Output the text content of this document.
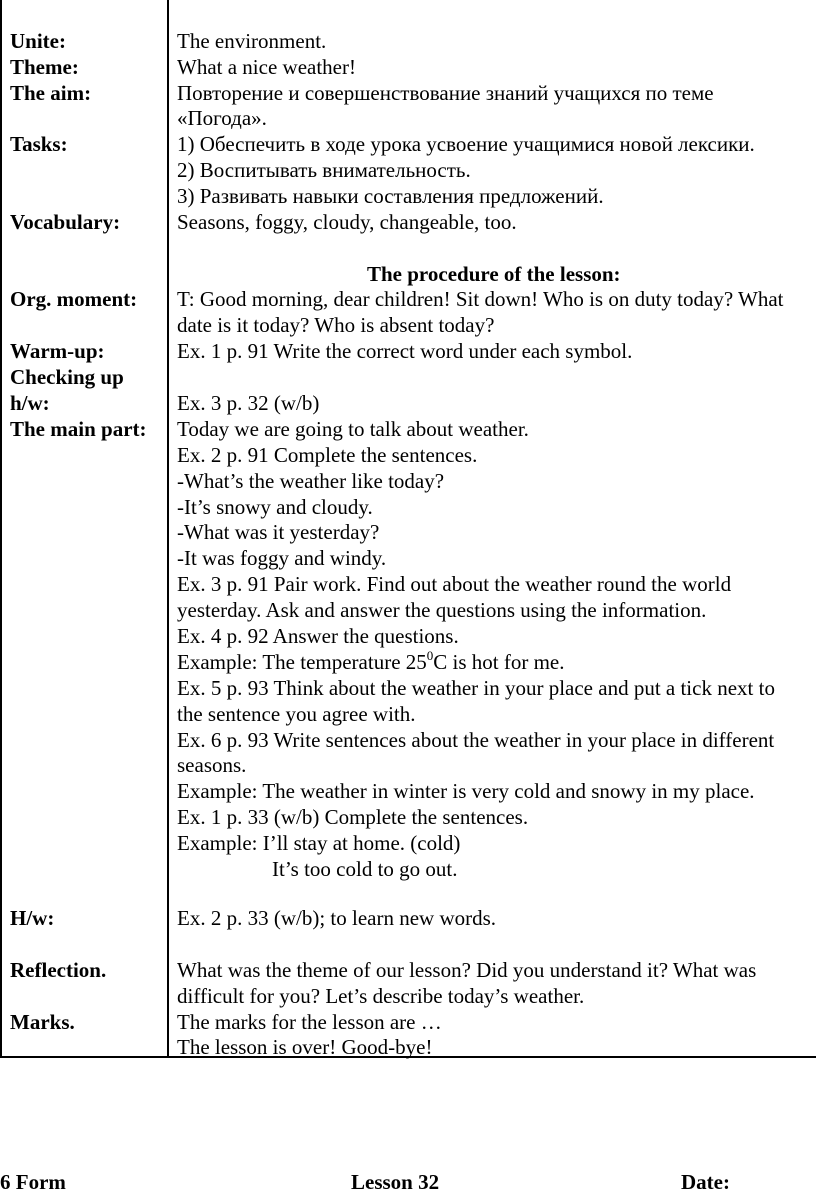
Unite:
Theme:
The aim:
Tasks:
Vocabulary:
Org. moment:
Warm-up:
Checking up
h/w:
The main part:
H/w:
Reflection.
Marks.
The environment.
What a nice weather!
Повторение и совершенствование знаний учащихся по теме
«Погода».
1) Обеспечить в ходе урока усвоение учащимися новой лексики.
2) Воспитывать внимательность.
3) Развивать навыки составления предложений.
Seasons, foggy, cloudy, changeable, too.
The procedure of the lesson:
T: Good morning, dear children! Sit down! Who is on duty today? What
date is it today? Who is absent today?
Ex. 1 p. 91 Write the correct word under each symbol.
Ex. 3 p. 32 (w/b)
Today we are going to talk about weather.
Ex. 2 p. 91 Complete the sentences.
-What’s the weather like today?
-It’s snowy and cloudy.
-What was it yesterday?
-It was foggy and windy.
Ex. 3 p. 91 Pair work. Find out about the weather round the world
yesterday. Ask and answer the questions using the information.
Ex. 4 p. 92 Answer the questions.
Example: The temperature $25^0C$ is hot for me.
Ex. 5 p. 93 Think about the weather in your place and put a tick next to
the sentence you agree with.
Ex. 6 p. 93 Write sentences about the weather in your place in different
seasons.
Example: The weather in winter is very cold and snowy in my place.
Ex. 1 p. 33 (w/b) Complete the sentences.
Example: I’ll stay at home. (cold)
It’s too cold to go out.
Ex. 2 p. 33 (w/b); to learn new words.
What was the theme of our lesson? Did you understand it? What was
difficult for you? Let’s describe today’s weather.
The marks for the lesson are …
The lesson is over! Good-bye!
6 Form	Lesson 32	Date:
